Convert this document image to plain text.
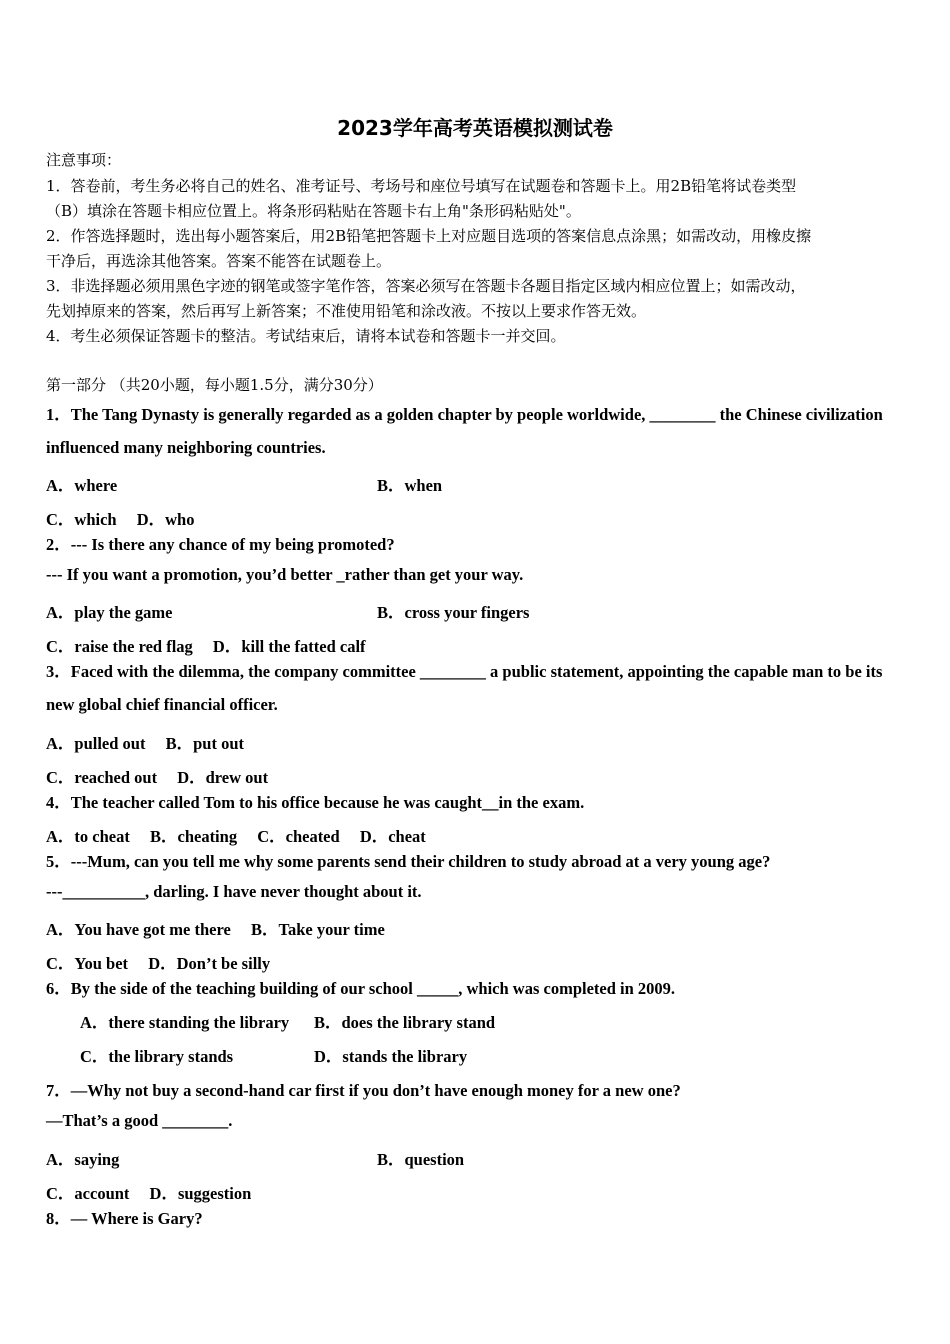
2023学年高考英语模拟测试卷
注意事项：
1．答卷前，考生务必将自己的姓名、准考证号、考场号和座位号填写在试题卷和答题卡上。用2B铅笔将试卷类型
（B）填涂在答题卡相应位置上。将条形码粘贴在答题卡右上角"条形码粘贴处"。
2．作答选择题时，选出每小题答案后，用2B铅笔把答题卡上对应题目选项的答案信息点涂黑；如需改动，用橡皮擦
干净后，再选涂其他答案。答案不能答在试题卷上。
3．非选择题必须用黑色字迹的钢笔或签字笔作答，答案必须写在答题卡各题目指定区域内相应位置上；如需改动，
先划掉原来的答案，然后再写上新答案；不准使用铅笔和涂改液。不按以上要求作答无效。
4．考生必须保证答题卡的整洁。考试结束后，请将本试卷和答题卡一并交回。
第一部分 （共20小题，每小题1.5分，满分30分）
1．The Tang Dynasty is generally regarded as a golden chapter by people worldwide, ________ the Chinese civilization
influenced many neighboring countries.
A．where	B．when
C．which D．who
2．--- Is there any chance of my being promoted?
--- If you want a promotion, you’d better _rather than get your way.
A．play the game	B．cross your fingers
C．raise the red flag D．kill the fatted calf
3．Faced with the dilemma, the company committee ________ a public statement, appointing the capable man to be its
new global chief financial officer.
A．pulled out B．put out
C．reached out D．drew out
4．The teacher called Tom to his office because he was caught__in the exam.
A．to cheat B．cheating C．cheated D．cheat
5．---Mum, can you tell me why some parents send their children to study abroad at a very young age?
---__________, darling. I have never thought about it.
A．You have got me there B．Take your time
C．You bet D．Don’t be silly
6．By the side of the teaching building of our school _____, which was completed in 2009.
A．there standing the library B．does the library stand
C．the library stands	D．stands the library
7．—Why not buy a second-hand car first if you don’t have enough money for a new one?
—That’s a good ________.
A．saying	B．question
C．account D．suggestion
8．— Where is Gary?
